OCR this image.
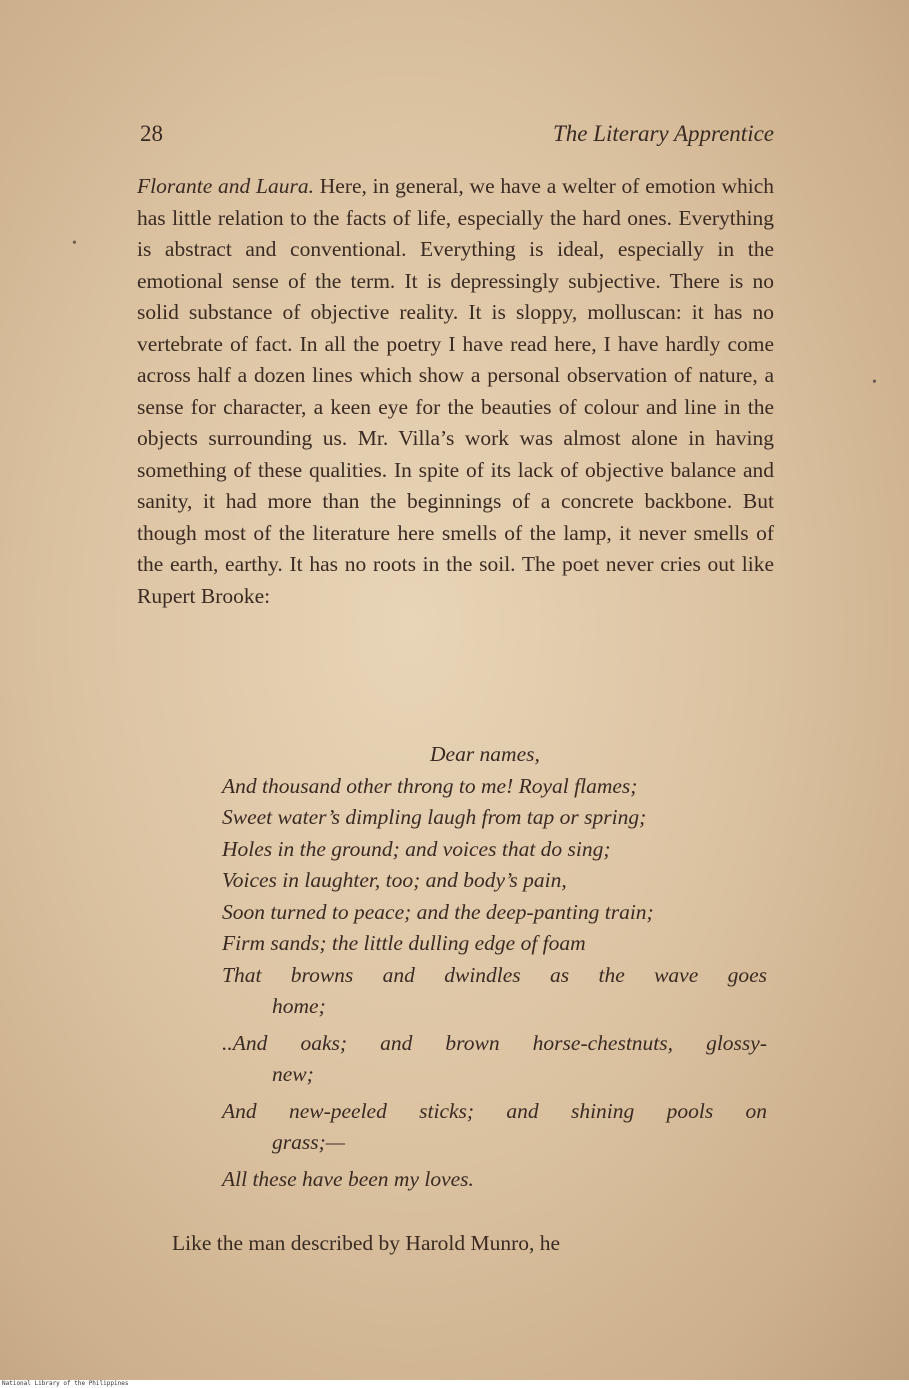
28	The Literary Apprentice
•
•

Florante and Laura. Here, in general, we have a welter of emotion which has little relation to the facts of life, especially the hard ones. Everything is abstract and conventional. Everything is ideal, especially in the emotional sense of the term. It is depressingly subjective. There is no solid substance of objective reality. It is sloppy, molluscan: it has no vertebrate of fact. In all the poetry I have read here, I have hardly come across half a dozen lines which show a personal observation of nature, a sense for character, a keen eye for the beauties of colour and line in the objects surrounding us. Mr. Villa’s work was almost alone in having something of these qualities. In spite of its lack of objective balance and sanity, it had more than the beginnings of a concrete backbone. But though most of the literature here smells of the lamp, it never smells of the earth, earthy. It has no roots in the soil. The poet never cries out like Rupert Brooke:

Dear names,

And thousand other throng to me! Royal flames;

Sweet water’s dimpling laugh from tap or spring;

Holes in the ground; and voices that do sing;

Voices in laughter, too; and body’s pain,

Soon turned to peace; and the deep-panting train;

Firm sands; the little dulling edge of foam

That browns and dwindles as the wave goes

home;

..And oaks; and brown horse-chestnuts, glossy-

new;

And new-peeled sticks; and shining pools on

grass;—

All these have been my loves.

Like the man described by Harold Munro, he
National Library of the Philippines
